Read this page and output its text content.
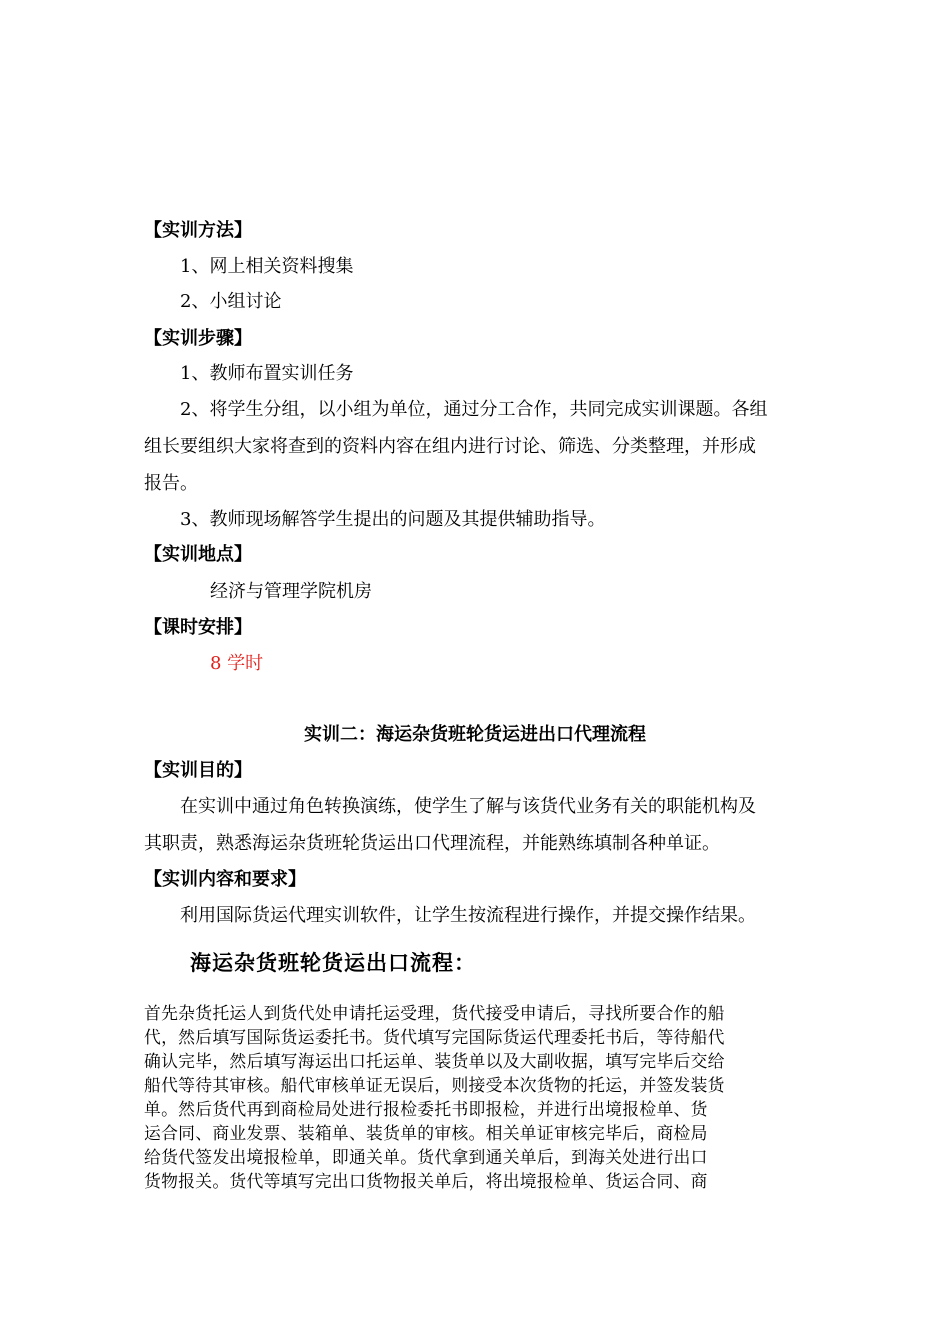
【实训方法】
1、网上相关资料搜集
2、小组讨论
【实训步骤】
1、教师布置实训任务
2、将学生分组，以小组为单位，通过分工合作，共同完成实训课题。各组
组长要组织大家将查到的资料内容在组内进行讨论、筛选、分类整理，并形成
报告。
3、教师现场解答学生提出的问题及其提供辅助指导。
【实训地点】
经济与管理学院机房
【课时安排】
8 学时
实训二：海运杂货班轮货运进出口代理流程
【实训目的】
在实训中通过角色转换演练，使学生了解与该货代业务有关的职能机构及
其职责，熟悉海运杂货班轮货运出口代理流程，并能熟练填制各种单证。
【实训内容和要求】
利用国际货运代理实训软件，让学生按流程进行操作，并提交操作结果。
海运杂货班轮货运出口流程：
首先杂货托运人到货代处申请托运受理，货代接受申请后，寻找所要合作的船
代，然后填写国际货运委托书。货代填写完国际货运代理委托书后，等待船代
确认完毕，然后填写海运出口托运单、装货单以及大副收据，填写完毕后交给
船代等待其审核。船代审核单证无误后，则接受本次货物的托运，并签发装货
单。然后货代再到商检局处进行报检委托书即报检，并进行出境报检单、货
运合同、商业发票、装箱单、装货单的审核。相关单证审核完毕后，商检局
给货代签发出境报检单，即通关单。货代拿到通关单后，到海关处进行出口
货物报关。货代等填写完出口货物报关单后，将出境报检单、货运合同、商
